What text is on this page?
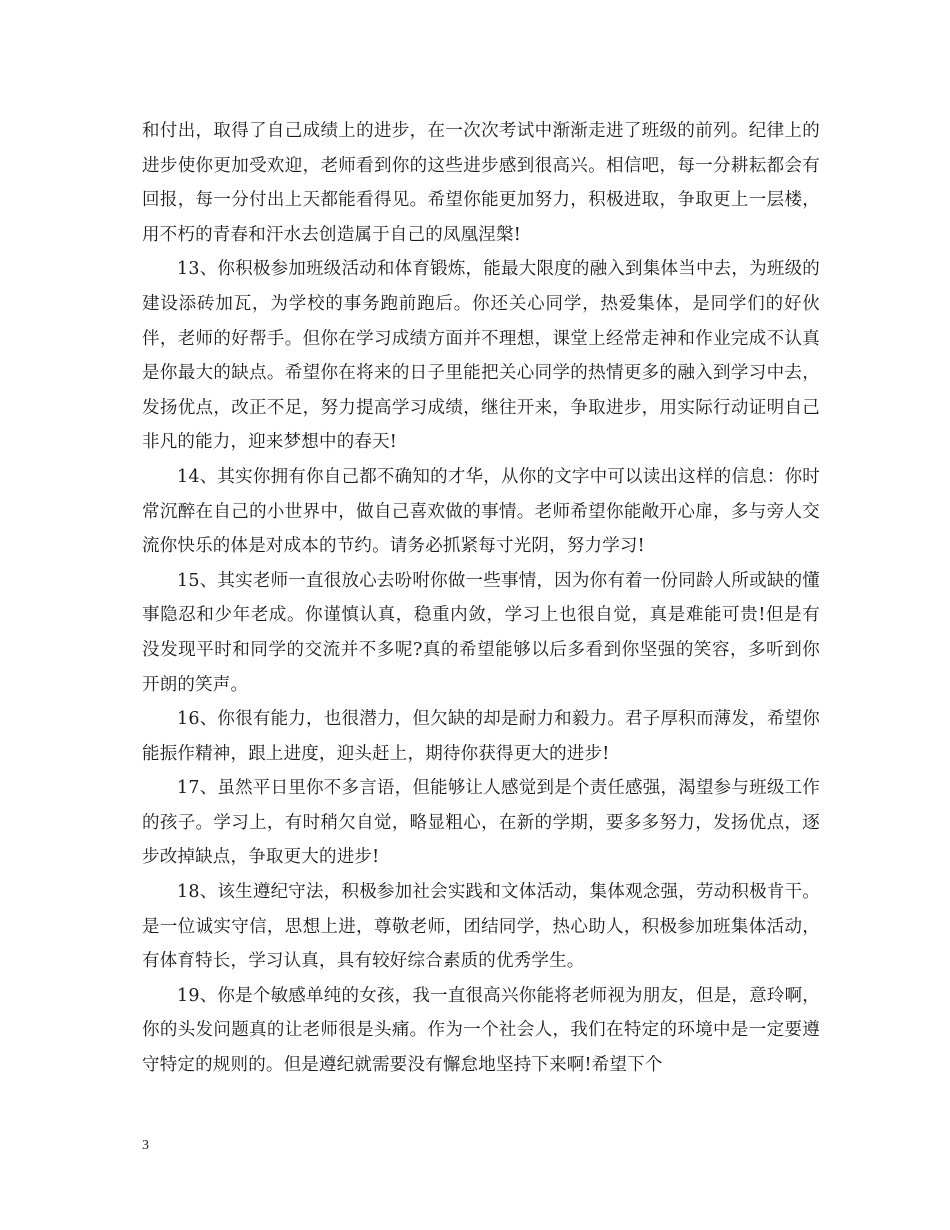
和付出，取得了自己成绩上的进步，在一次次考试中渐渐走进了班级的前列。纪律上的进步使你更加受欢迎，老师看到你的这些进步感到很高兴。相信吧，每一分耕耘都会有回报，每一分付出上天都能看得见。希望你能更加努力，积极进取，争取更上一层楼，用不朽的青春和汗水去创造属于自己的凤凰涅槃!

13、你积极参加班级活动和体育锻炼，能最大限度的融入到集体当中去，为班级的建设添砖加瓦，为学校的事务跑前跑后。你还关心同学，热爱集体，是同学们的好伙伴，老师的好帮手。但你在学习成绩方面并不理想，课堂上经常走神和作业完成不认真是你最大的缺点。希望你在将来的日子里能把关心同学的热情更多的融入到学习中去，发扬优点，改正不足，努力提高学习成绩，继往开来，争取进步，用实际行动证明自己非凡的能力，迎来梦想中的春天!

14、其实你拥有你自己都不确知的才华，从你的文字中可以读出这样的信息：你时常沉醉在自己的小世界中，做自己喜欢做的事情。老师希望你能敞开心扉，多与旁人交流你快乐的体是对成本的节约。请务必抓紧每寸光阴，努力学习!

15、其实老师一直很放心去吩咐你做一些事情，因为你有着一份同龄人所或缺的懂事隐忍和少年老成。你谨慎认真，稳重内敛，学习上也很自觉，真是难能可贵!但是有没发现平时和同学的交流并不多呢?真的希望能够以后多看到你坚强的笑容，多听到你开朗的笑声。

16、你很有能力，也很潜力，但欠缺的却是耐力和毅力。君子厚积而薄发，希望你能振作精神，跟上进度，迎头赶上，期待你获得更大的进步!

17、虽然平日里你不多言语，但能够让人感觉到是个责任感强，渴望参与班级工作的孩子。学习上，有时稍欠自觉，略显粗心，在新的学期，要多多努力，发扬优点，逐步改掉缺点，争取更大的进步!

18、该生遵纪守法，积极参加社会实践和文体活动，集体观念强，劳动积极肯干。是一位诚实守信，思想上进，尊敬老师，团结同学，热心助人，积极参加班集体活动，有体育特长，学习认真，具有较好综合素质的优秀学生。

19、你是个敏感单纯的女孩，我一直很高兴你能将老师视为朋友，但是，意玲啊，你的头发问题真的让老师很是头痛。作为一个社会人，我们在特定的环境中是一定要遵守特定的规则的。但是遵纪就需要没有懈怠地坚持下来啊!希望下个

3
